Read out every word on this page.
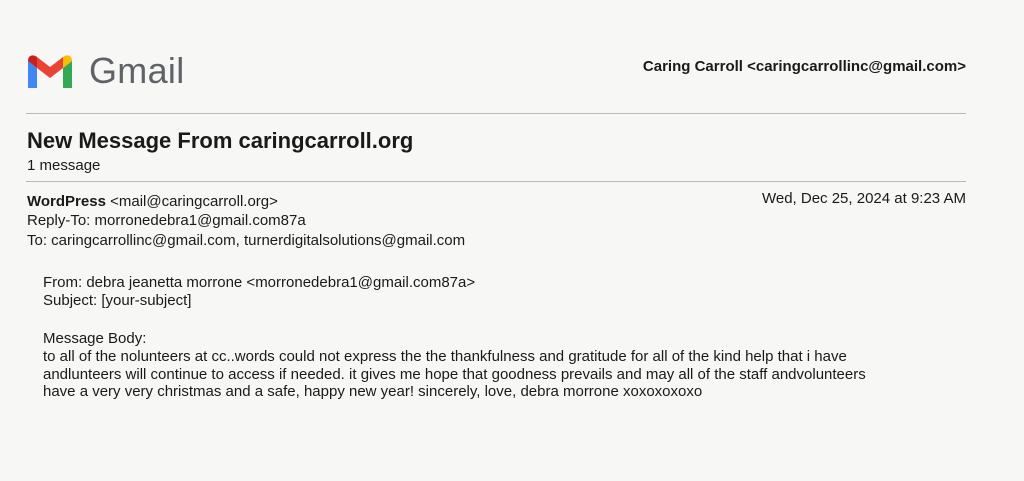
Gmail	Caring Carroll <caringcarrollinc@gmail.com>
New Message From caringcarroll.org
1 message
WordPress <mail@caringcarroll.org>	Wed, Dec 25, 2024 at 9:23 AM
Reply-To: morronedebra1@gmail.com87a
To: caringcarrollinc@gmail.com, turnerdigitalsolutions@gmail.com
From: debra jeanetta morrone <morronedebra1@gmail.com87a>
Subject: [your-subject]
Message Body:
to all of the nolunteers at cc..words could not express the the thankfulness and gratitude for all of the kind help that i have
andlunteers will continue to access if needed. it gives me hope that goodness prevails and may all of the staff andvolunteers
have a very very christmas and a safe, happy new year! sincerely, love, debra morrone xoxoxoxoxo
